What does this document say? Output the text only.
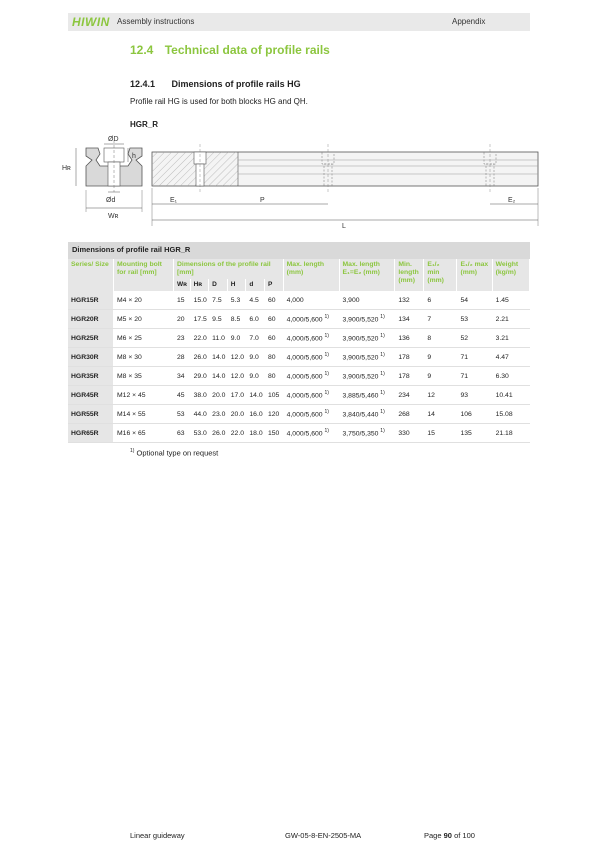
HIWIN Assembly instructions	Appendix
12.4 Technical data of profile rails
12.4.1 Dimensions of profile rails HG
Profile rail HG is used for both blocks HG and QH.
HGR_R
ØD
h
Hʀ
Ød
Wʀ
E₁	P	E₂
L
Dimensions of profile rail HGR_R
Series/ Size	Mounting bolt for rail [mm]	Dimensions of the profile rail [mm]						Max. length (mm)	Max. length E₁=E₂ (mm)	Min. length (mm)	E₁/₂ min (mm)	E₁/₂ max (mm)	Weight (kg/m)
		Wʀ	Hʀ	D	H	d	P						
HGR15R	M4 × 20	15	15.0	7.5	5.3	4.5	60	4,000	3,900	132	6	54	1.45
HGR20R	M5 × 20	20	17.5	9.5	8.5	6.0	60	4,000/5,600 $^{1)}$	3,900/5,520 $^{1)}$	134	7	53	2.21
HGR25R	M6 × 25	23	22.0	11.0	9.0	7.0	60	4,000/5,600 $^{1)}$	3,900/5,520 $^{1)}$	136	8	52	3.21
HGR30R	M8 × 30	28	26.0	14.0	12.0	9.0	80	4,000/5,600 $^{1)}$	3,900/5,520 $^{1)}$	178	9	71	4.47
HGR35R	M8 × 35	34	29.0	14.0	12.0	9.0	80	4,000/5,600 $^{1)}$	3,900/5,520 $^{1)}$	178	9	71	6.30
HGR45R	M12 × 45	45	38.0	20.0	17.0	14.0	105	4,000/5,600 $^{1)}$	3,885/5,460 $^{1)}$	234	12	93	10.41
HGR55R	M14 × 55	53	44.0	23.0	20.0	16.0	120	4,000/5,600 $^{1)}$	3,840/5,440 $^{1)}$	268	14	106	15.08
HGR65R	M16 × 65	63	53.0	26.0	22.0	18.0	150	4,000/5,600 $^{1)}$	3,750/5,350 $^{1)}$	330	15	135	21.18
$^{1)}$ Optional type on request
Linear guideway	GW-05-8-EN-2505-MA	Page 90 of 100
